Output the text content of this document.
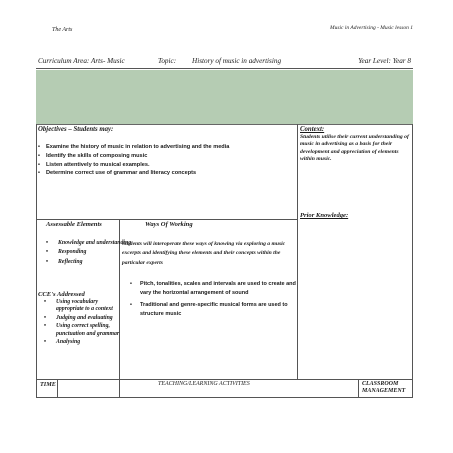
The Arts	Music in Advertising - Music lesson 1
Curriculum Area: Arts- Music	Topic: History of music in advertising	Year Level: Year 8
Objectives – Students may:
• Examine the history of music in relation to advertising and the media
• Identify the skills of composing music
• Listen attentively to musical examples.
• Determine correct use of grammar and literacy concepts
Context:
Students utilise their current understanding of music in advertising as a basis for their development and appreciation of elements within music.
Prior Knowledge:
Assessable Elements
• Knowledge and understanding
• Responding
• Reflecting
CCE's Addressed
• Using vocabulary appropriate to a context
• Judging and evaluating
• Using correct spelling, punctuation and grammar
• Analysing
Ways Of Working
Students will interoperate these ways of knowing via exploring a music excerpts and identifying these elements and their concepts within the particular experts
• Pitch, tonalities, scales and intervals are used to create and vary the horizontal arrangement of sound
• Traditional and genre-specific musical forms are used to structure music
TIME	TEACHING/LEARNING ACTIVITIES	CLASSROOM MANAGEMENT
